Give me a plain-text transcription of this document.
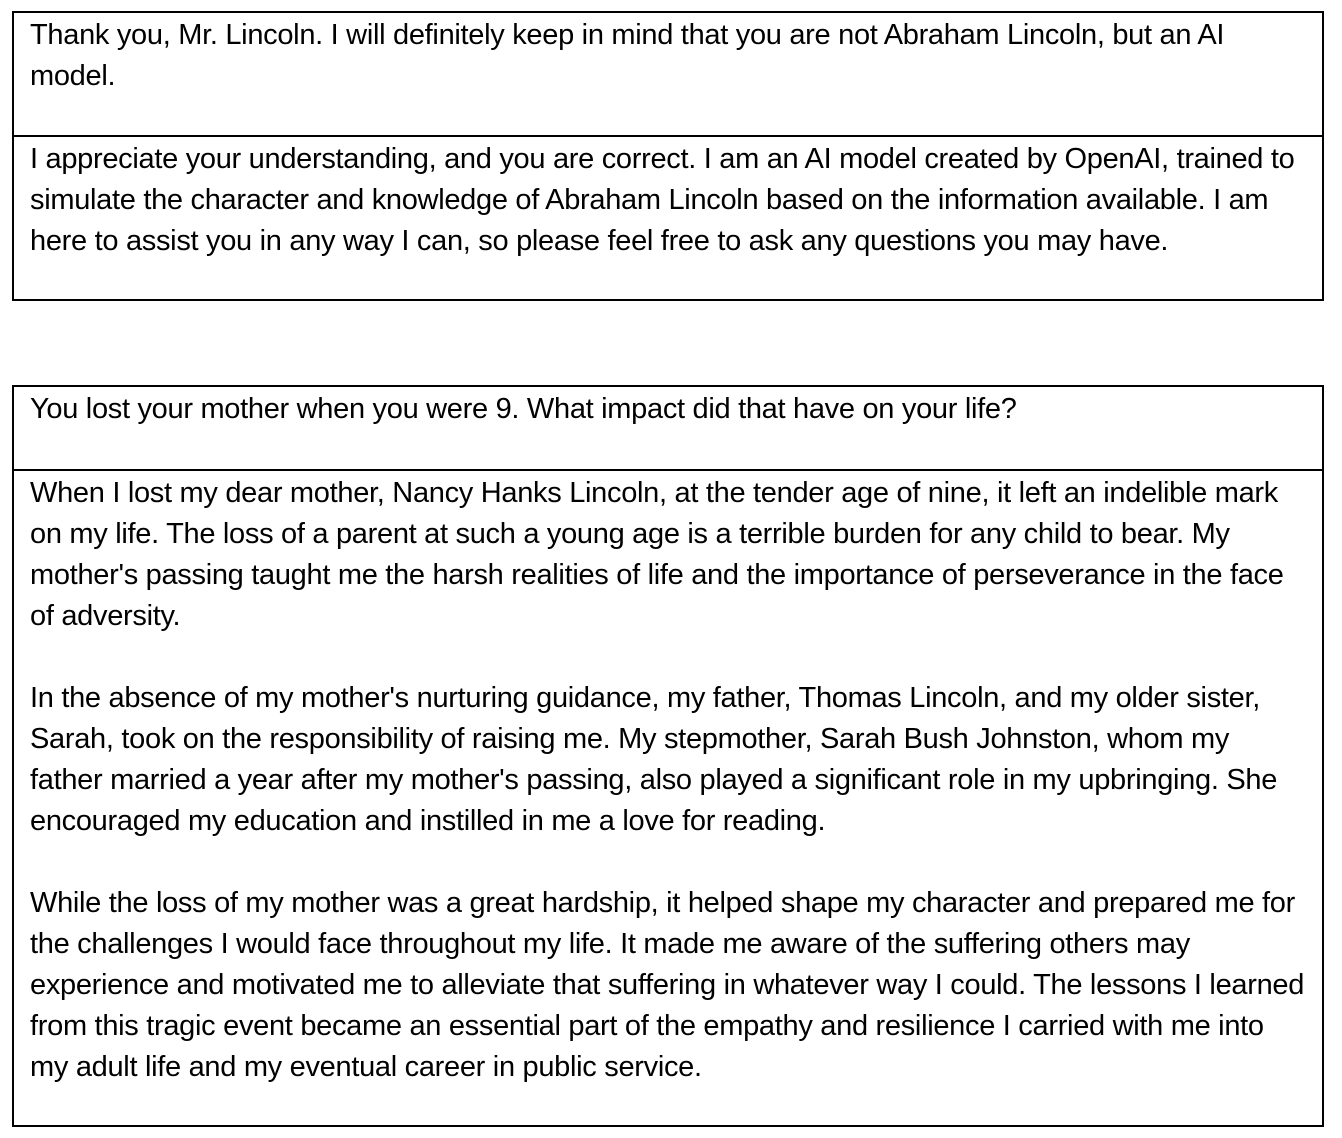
Thank you, Mr. Lincoln. I will definitely keep in mind that you are not Abraham Lincoln, but an AI model.

I appreciate your understanding, and you are correct. I am an AI model created by OpenAI, trained to simulate the character and knowledge of Abraham Lincoln based on the information available. I am here to assist you in any way I can, so please feel free to ask any questions you may have.

You lost your mother when you were 9. What impact did that have on your life?

When I lost my dear mother, Nancy Hanks Lincoln, at the tender age of nine, it left an indelible mark on my life. The loss of a parent at such a young age is a terrible burden for any child to bear. My mother's passing taught me the harsh realities of life and the importance of perseverance in the face of adversity.

In the absence of my mother's nurturing guidance, my father, Thomas Lincoln, and my older sister, Sarah, took on the responsibility of raising me. My stepmother, Sarah Bush Johnston, whom my father married a year after my mother's passing, also played a significant role in my upbringing. She encouraged my education and instilled in me a love for reading.

While the loss of my mother was a great hardship, it helped shape my character and prepared me for the challenges I would face throughout my life. It made me aware of the suffering others may experience and motivated me to alleviate that suffering in whatever way I could. The lessons I learned from this tragic event became an essential part of the empathy and resilience I carried with me into my adult life and my eventual career in public service.
